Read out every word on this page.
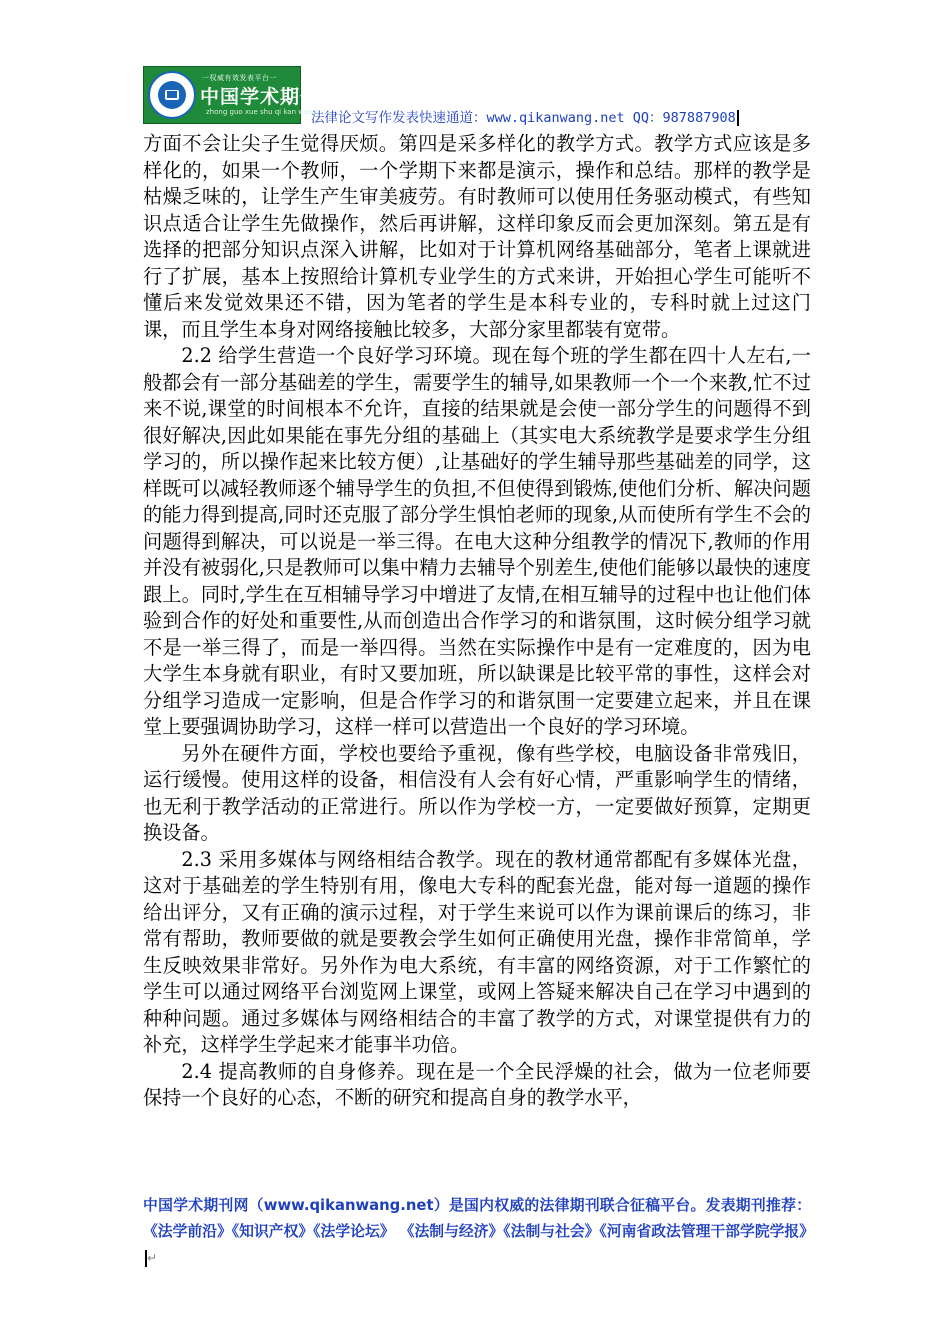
一权威有效发表平台一
中国学术期刊网
zhong guo xue shu qi kan wang
法律论文写作发表快速通道：www.qikanwang.net QQ：987887908

方面不会让尖子生觉得厌烦。第四是采多样化的教学方式。教学方式应该是多样化的，如果一个教师，一个学期下来都是演示，操作和总结。那样的教学是枯燥乏味的，让学生产生审美疲劳。有时教师可以使用任务驱动模式，有些知识点适合让学生先做操作，然后再讲解，这样印象反而会更加深刻。第五是有选择的把部分知识点深入讲解，比如对于计算机网络基础部分，笔者上课就进行了扩展，基本上按照给计算机专业学生的方式来讲，开始担心学生可能听不懂后来发觉效果还不错，因为笔者的学生是本科专业的，专科时就上过这门课，而且学生本身对网络接触比较多，大部分家里都装有宽带。

2.2 给学生营造一个良好学习环境。现在每个班的学生都在四十人左右,一般都会有一部分基础差的学生，需要学生的辅导,如果教师一个一个来教,忙不过来不说,课堂的时间根本不允许，直接的结果就是会使一部分学生的问题得不到很好解决,因此如果能在事先分组的基础上（其实电大系统教学是要求学生分组学习的，所以操作起来比较方便）,让基础好的学生辅导那些基础差的同学，这样既可以减轻教师逐个辅导学生的负担,不但使得到锻炼,使他们分析、解决问题的能力得到提高,同时还克服了部分学生惧怕老师的现象,从而使所有学生不会的问题得到解决，可以说是一举三得。在电大这种分组教学的情况下,教师的作用并没有被弱化,只是教师可以集中精力去辅导个别差生,使他们能够以最快的速度跟上。同时,学生在互相辅导学习中增进了友情,在相互辅导的过程中也让他们体验到合作的好处和重要性,从而创造出合作学习的和谐氛围，这时候分组学习就不是一举三得了，而是一举四得。当然在实际操作中是有一定难度的，因为电大学生本身就有职业，有时又要加班，所以缺课是比较平常的事性，这样会对分组学习造成一定影响，但是合作学习的和谐氛围一定要建立起来，并且在课堂上要强调协助学习，这样一样可以营造出一个良好的学习环境。

另外在硬件方面，学校也要给予重视，像有些学校，电脑设备非常残旧，运行缓慢。使用这样的设备，相信没有人会有好心情，严重影响学生的情绪，也无利于教学活动的正常进行。所以作为学校一方，一定要做好预算，定期更换设备。

2.3 采用多媒体与网络相结合教学。现在的教材通常都配有多媒体光盘，这对于基础差的学生特别有用，像电大专科的配套光盘，能对每一道题的操作给出评分，又有正确的演示过程，对于学生来说可以作为课前课后的练习，非常有帮助，教师要做的就是要教会学生如何正确使用光盘，操作非常简单，学生反映效果非常好。另外作为电大系统，有丰富的网络资源，对于工作繁忙的学生可以通过网络平台浏览网上课堂，或网上答疑来解决自己在学习中遇到的种种问题。通过多媒体与网络相结合的丰富了教学的方式，对课堂提供有力的补充，这样学生学起来才能事半功倍。

2.4 提高教师的自身修养。现在是一个全民浮燥的社会，做为一位老师要保持一个良好的心态，不断的研究和提高自身的教学水平，

中国学术期刊网（www.qikanwang.net）是国内权威的法律期刊联合征稿平台。发表期刊推荐：《法学前沿》《知识产权》《法学论坛》 《法制与经济》《法制与社会》《河南省政法管理干部学院学报》↵
